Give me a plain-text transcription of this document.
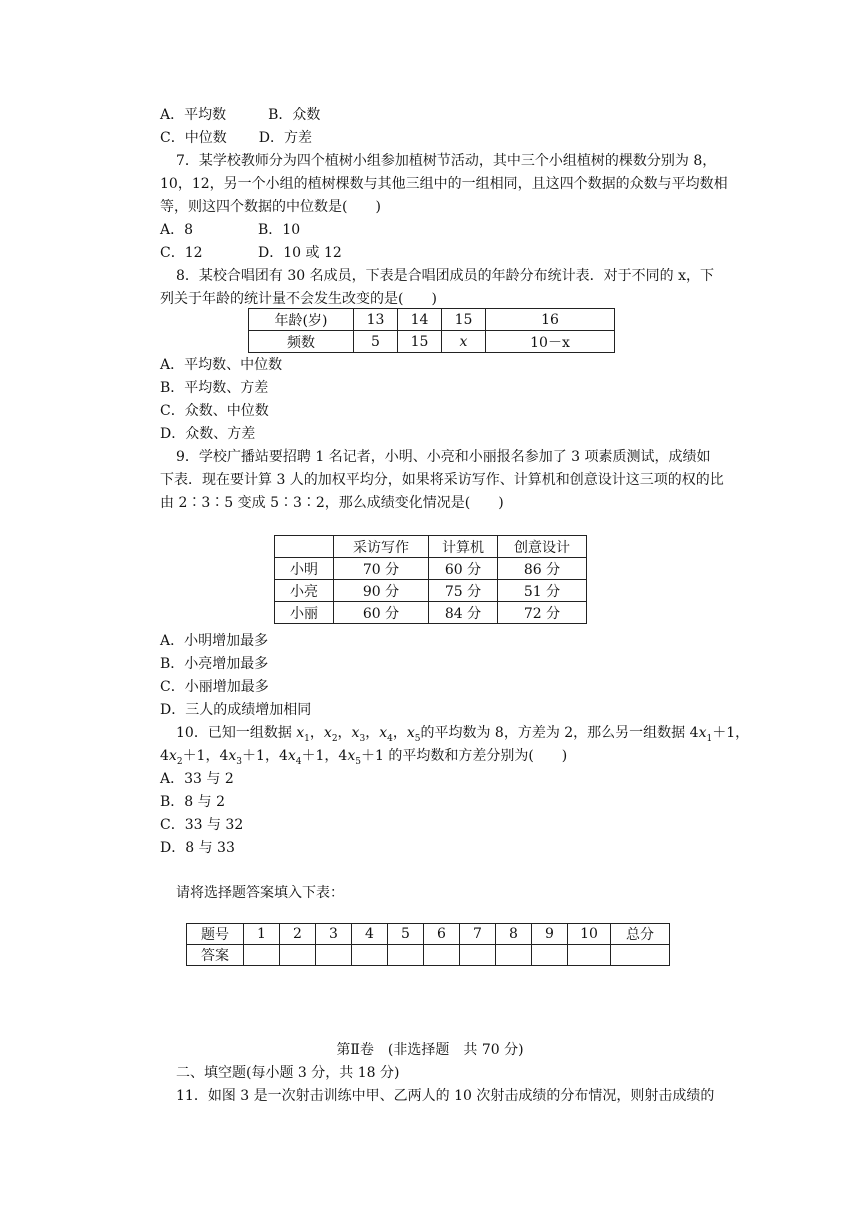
A．平均数	B．众数
C．中位数 D．方差
7．某学校教师分为四个植树小组参加植树节活动，其中三个小组植树的棵数分别为 8，
10，12，另一个小组的植树棵数与其他三组中的一组相同，且这四个数据的众数与平均数相
等，则这四个数据的中位数是(　　)
A．8	B．10
C．12	D．10 或 12
8．某校合唱团有 30 名成员，下表是合唱团成员的年龄分布统计表．对于不同的 x，下
列关于年龄的统计量不会发生改变的是(　　)
年龄(岁)	13	14	15	16
频数	5	15	x	10－x
A．平均数、中位数
B．平均数、方差
C．众数、中位数
D．众数、方差
9．学校广播站要招聘 1 名记者，小明、小亮和小丽报名参加了 3 项素质测试，成绩如
下表．现在要计算 3 人的加权平均分，如果将采访写作、计算机和创意设计这三项的权的比
由 2∶3∶5 变成 5∶3∶2，那么成绩变化情况是(　　)
	采访写作	计算机	创意设计
小明	70 分	60 分	86 分
小亮	90 分	75 分	51 分
小丽	60 分	84 分	72 分
A．小明增加最多
B．小亮增加最多
C．小丽增加最多
D．三人的成绩增加相同
10．已知一组数据 $x_1$，$x_2$，$x_3$，$x_4$，$x_5$的平均数为 8，方差为 2，那么另一组数据 $4x_1+1$，
$4x_2+1$，$4x_3+1$，$4x_4+1$，$4x_5+1$ 的平均数和方差分别为(　　)
A．33 与 2
B．8 与 2
C．33 与 32
D．8 与 33
请将选择题答案填入下表：
题号	1	2	3	4	5	6	7	8	9	10	总分
答案											
第Ⅱ卷　(非选择题　共 70 分)
二、填空题(每小题 3 分，共 18 分)
11．如图 3 是一次射击训练中甲、乙两人的 10 次射击成绩的分布情况，则射击成绩的
